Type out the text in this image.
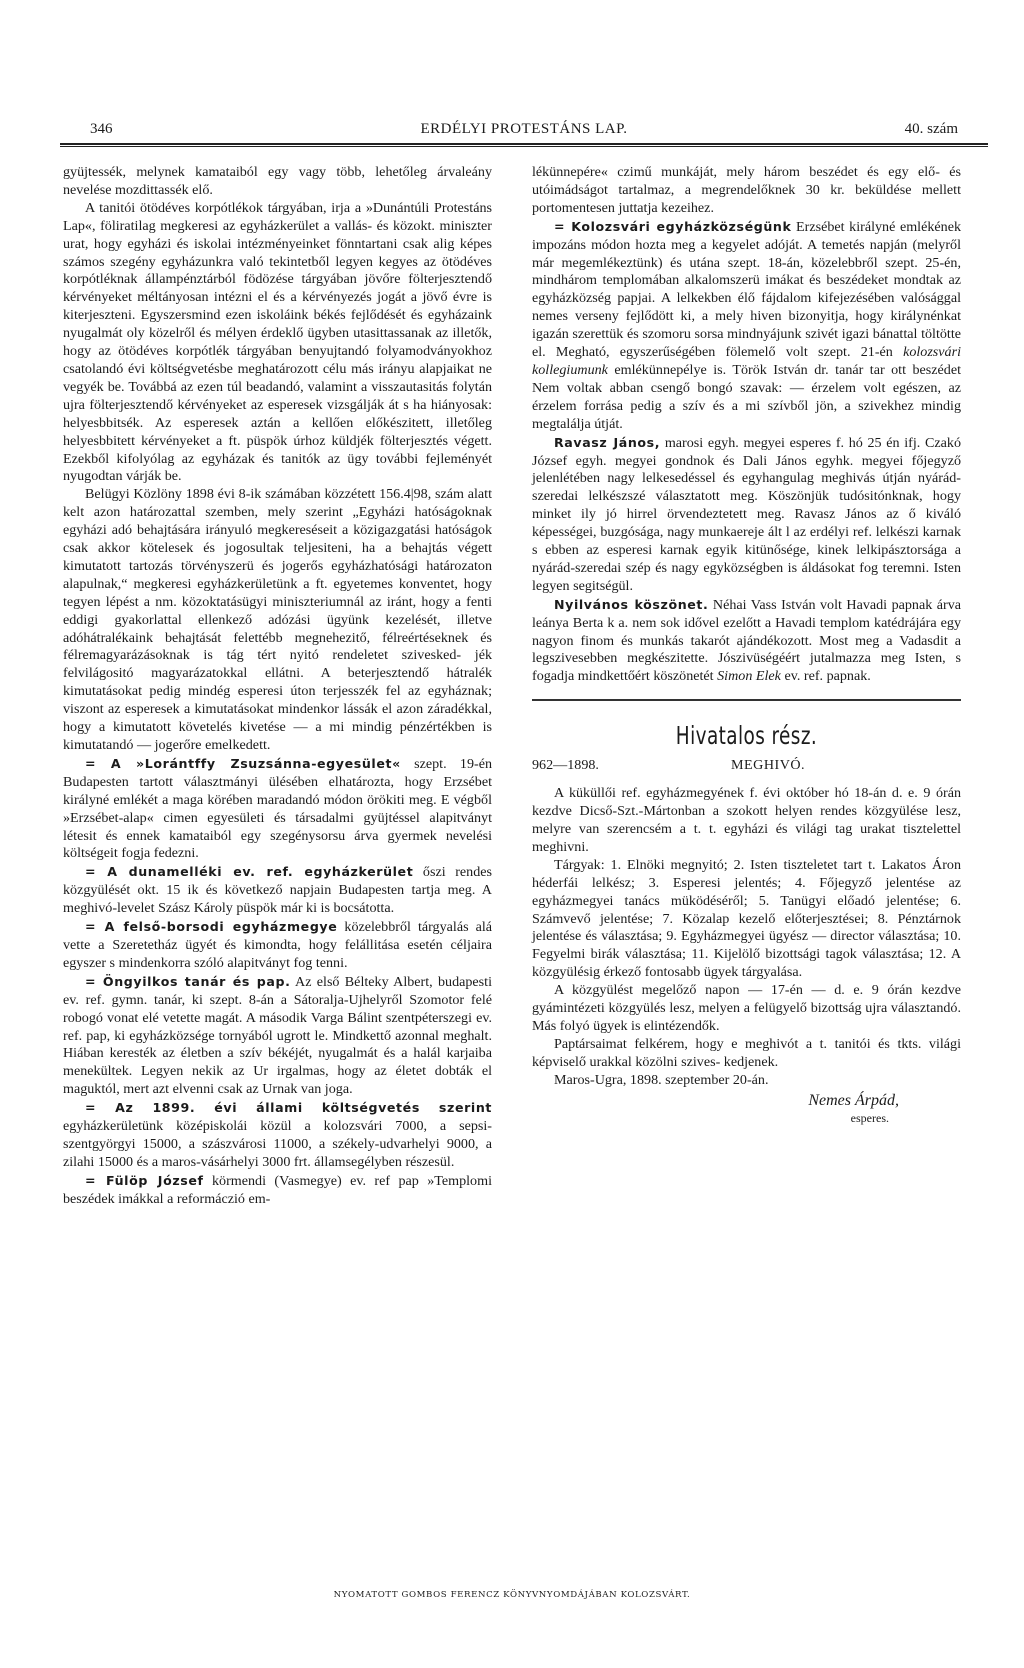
346	ERDÉLYI PROTESTÁNS LAP.	40. szám

gyüjtessék, melynek kamataiból egy vagy több, lehetőleg árvaleány nevelése mozdittassék elő.

A tanitói ötödéves korpótlékok tárgyában, irja a »Dunántúli Protestáns Lap«, föliratilag megkeresi az egyházkerület a vallás- és közokt. miniszter urat, hogy egyházi és iskolai intézményeinket fönntartani csak alig képes számos szegény egyházunkra való tekintetből legyen kegyes az ötödéves korpótléknak állampénztárból födözése tárgyában jövőre fölterjesztendő kérvényeket méltányosan intézni el és a kérvényezés jogát a jövő évre is kiterjeszteni. Egyszersmind ezen iskoláink békés fejlődését és egyházaink nyugalmát oly közelről és mélyen érdeklő ügyben utasittassanak az illetők, hogy az ötödéves korpótlék tárgyában benyujtandó folyamodványokhoz csatolandó évi költségvetésbe meghatározott célu más irányu alapjaikat ne vegyék be. Továbbá az ezen túl beadandó, valamint a visszautasitás folytán ujra fölterjesztendő kérvényeket az esperesek vizsgálják át s ha hiányosak: helyesbbitsék. Az esperesek aztán a kellően előkészitett, illetőleg helyesbbitett kérvényeket a ft. püspök úrhoz küldjék fölterjesztés végett. Ezekből kifolyólag az egyházak és tanitók az ügy további fejleményét nyugodtan várják be.

Belügyi Közlöny 1898 évi 8-ik számában közzétett 156.4|98, szám alatt kelt azon határozattal szemben, mely szerint „Egyházi hatóságoknak egyházi adó behajtására irányuló megkereséseit a közigazgatási hatóságok csak akkor kötelesek és jogosultak teljesiteni, ha a behajtás végett kimutatott tartozás törvényszerü és jogerős egyházhatósági határozaton alapulnak,“ megkeresi egyházkerületünk a ft. egyetemes konventet, hogy tegyen lépést a nm. közoktatásügyi miniszteriumnál az iránt, hogy a fenti eddigi gyakorlattal ellenkező adózási ügyünk kezelését, illetve adóhátralékaink behajtását felettébb megnehezitő, félreértéseknek és félremagyarázásoknak is tág tért nyitó rendeletet szivesked- jék felvilágositó magyarázatokkal ellátni. A beterjesztendő hátralék kimutatásokat pedig mindég esperesi úton terjesszék fel az egyháznak; viszont az esperesek a kimutatásokat mindenkor lássák el azon záradékkal, hogy a kimutatott követelés kivetése — a mi mindig pénzértékben is kimutatandó — jogerőre emelkedett.

= A »Lorántffy Zsuzsánna-egyesület« szept. 19-én Budapesten tartott választmányi ülésében elhatározta, hogy Erzsébet királyné emlékét a maga körében maradandó módon örökiti meg. E végből »Erzsébet-alap« cimen egyesületi és társadalmi gyüjtéssel alapitványt létesit és ennek kamataiból egy szegénysorsu árva gyermek nevelési költségeit fogja fedezni.

= A dunamelléki ev. ref. egyházkerület őszi rendes közgyülését okt. 15 ik és következő napjain Budapesten tartja meg. A meghivó-levelet Szász Károly püspök már ki is bocsátotta.

= A felső-borsodi egyházmegye közelebbről tárgyalás alá vette a Szeretetház ügyét és kimondta, hogy felállitása esetén céljaira egyszer s mindenkorra szóló alapitványt fog tenni.

= Öngyilkos tanár és pap. Az első Bélteky Albert, budapesti ev. ref. gymn. tanár, ki szept. 8-án a Sátoralja-Ujhelyről Szomotor felé robogó vonat elé vetette magát. A második Varga Bálint szentpéterszegi ev. ref. pap, ki egyházközsége tornyából ugrott le. Mindkettő azonnal meghalt. Hiában keresték az életben a szív békéjét, nyugalmát és a halál karjaiba menekültek. Legyen nekik az Ur irgalmas, hogy az életet dobták el maguktól, mert azt elvenni csak az Urnak van joga.

= Az 1899. évi állami költségvetés szerint egyházkerületünk középiskolái közül a kolozsvári 7000, a sepsi-szentgyörgyi 15000, a szászvárosi 11000, a székely-udvarhelyi 9000, a zilahi 15000 és a maros-vásárhelyi 3000 frt. államsegélyben részesül.

= Fülöp József körmendi (Vasmegye) ev. ref pap »Templomi beszédek imákkal a reformáczió em-

lékünnepére« czimű munkáját, mely három beszédet és egy elő- és utóimádságot tartalmaz, a megrendelőknek 30 kr. beküldése mellett portomentesen juttatja kezeihez.

= Kolozsvári egyházközségünk Erzsébet királyné emlékének impozáns módon hozta meg a kegyelet adóját. A temetés napján (melyről már megemlékeztünk) és utána szept. 18-án, közelebbről szept. 25-én, mindhárom templomában alkalomszerü imákat és beszédeket mondtak az egyházközség papjai. A lelkekben élő fájdalom kifejezésében valósággal nemes verseny fejlődött ki, a mely hiven bizonyitja, hogy királynénkat igazán szerettük és szomoru sorsa mindnyájunk szivét igazi bánattal töltötte el. Megható, egyszerűségében fölemelő volt szept. 21-én kolozsvári kollegiumunk emlékünnepélye is. Török István dr. tanár tar ott beszédet Nem voltak abban csengő bongó szavak: — érzelem volt egészen, az érzelem forrása pedig a szív és a mi szívből jön, a szivekhez mindig megtalálja útját.

Ravasz János, marosi egyh. megyei esperes f. hó 25 én ifj. Czakó József egyh. megyei gondnok és Dali János egyhk. megyei főjegyző jelenlétében nagy lelkesedéssel és egyhangulag meghivás útján nyárád-szeredai lelkészszé választatott meg. Köszönjük tudósitónknak, hogy minket ily jó hirrel örvendeztetett meg. Ravasz János az ő kiváló képességei, buzgósága, nagy munkaereje ált l az erdélyi ref. lelkészi karnak s ebben az esperesi karnak egyik kitünősége, kinek lelkipásztorsága a nyárád-szeredai szép és nagy egyközségben is áldásokat fog teremni. Isten legyen segitségül.

Nyilvános köszönet. Néhai Vass István volt Havadi papnak árva leánya Berta k a. nem sok idővel ezelőtt a Havadi templom katédrájára egy nagyon finom és munkás takarót ajándékozott. Most meg a Vadasdit a legszivesebben megkészitette. Jószivüségéért jutalmazza meg Isten, s fogadja mindkettőért köszönetét Simon Elek ev. ref. papnak.

Hivatalos rész.
962—1898.	MEGHIVÓ.

A küküllői ref. egyházmegyének f. évi október hó 18-án d. e. 9 órán kezdve Dicső-Szt.-Mártonban a szokott helyen rendes közgyülése lesz, melyre van szerencsém a t. t. egyházi és világi tag urakat tisztelettel meghivni.

Tárgyak: 1. Elnöki megnyitó; 2. Isten tiszteletet tart t. Lakatos Áron héderfái lelkész; 3. Esperesi jelentés; 4. Főjegyző jelentése az egyházmegyei tanács müködéséről; 5. Tanügyi előadó jelentése; 6. Számvevő jelentése; 7. Közalap kezelő előterjesztései; 8. Pénztárnok jelentése és választása; 9. Egyházmegyei ügyész — director választása; 10. Fegyelmi birák választása; 11. Kijelölő bizottsági tagok választása; 12. A közgyülésig érkező fontosabb ügyek tárgyalása.

A közgyülést megelőző napon — 17-én — d. e. 9 órán kezdve gyámintézeti közgyülés lesz, melyen a felügyelő bizottság ujra választandó. Más folyó ügyek is elintézendők.

Paptársaimat felkérem, hogy e meghivót a t. tanitói és tkts. világi képviselő urakkal közölni szives- kedjenek.

Maros-Ugra, 1898. szeptember 20-án.

Nemes Árpád,

esperes.

NYOMATOTT GOMBOS FERENCZ KÖNYVNYOMDÁJÁBAN KOLOZSVÁRT.
